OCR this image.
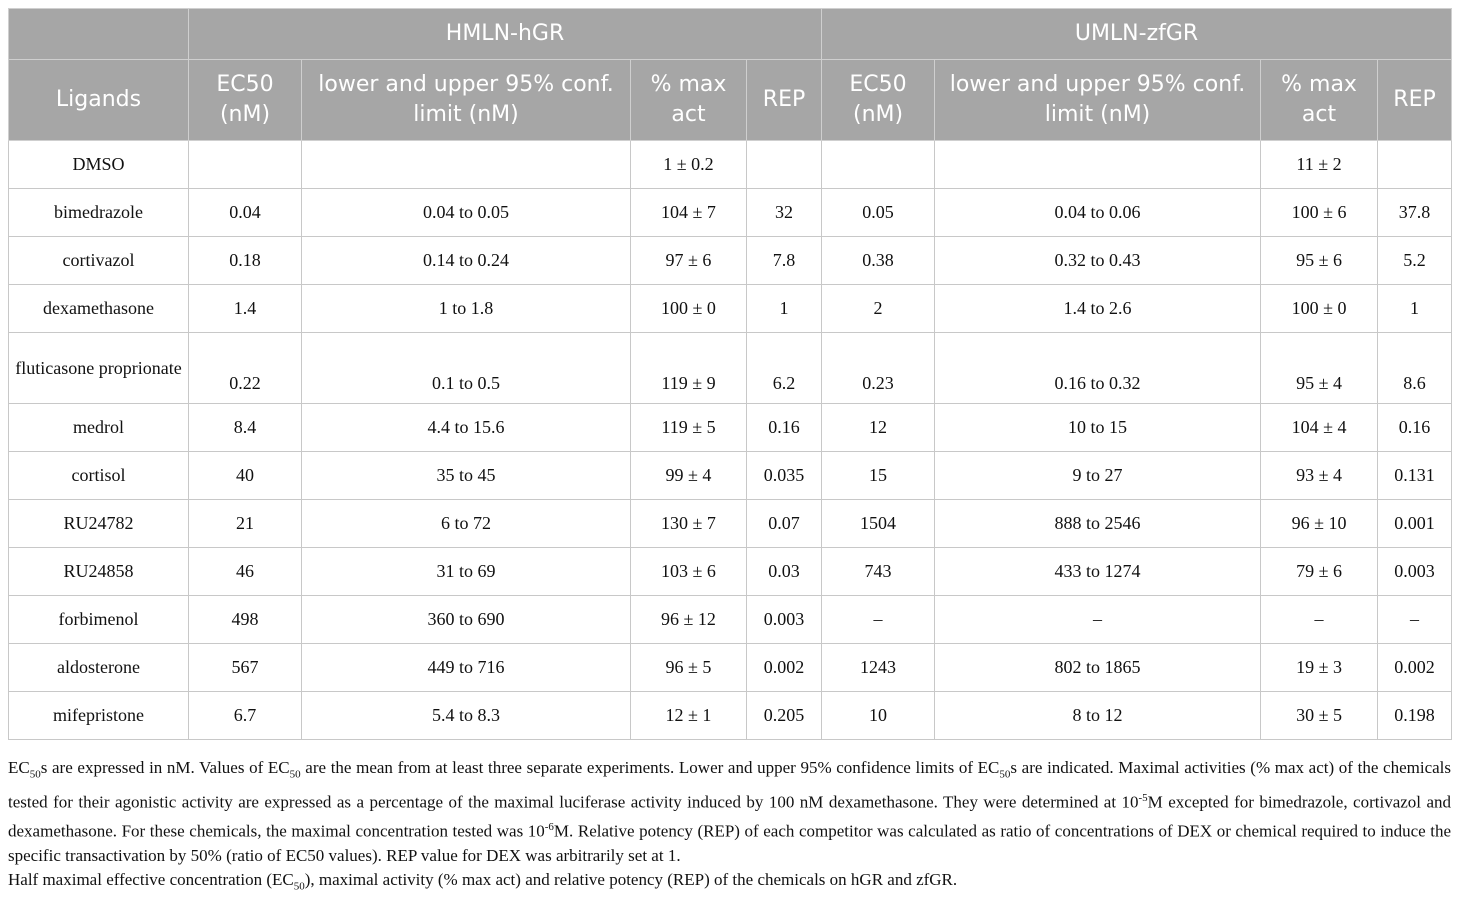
	HMLN-hGR				UMLN-zfGR			
Ligands	EC50 (nM)	lower and upper 95% conf. limit (nM)	% max act	REP	EC50 (nM)	lower and upper 95% conf. limit (nM)	% max act	REP
DMSO			1 ± 0.2				11 ± 2	
bimedrazole	0.04	0.04 to 0.05	104 ± 7	32	0.05	0.04 to 0.06	100 ± 6	37.8
cortivazol	0.18	0.14 to 0.24	97 ± 6	7.8	0.38	0.32 to 0.43	95 ± 6	5.2
dexamethasone	1.4	1 to 1.8	100 ± 0	1	2	1.4 to 2.6	100 ± 0	1
fluticasone proprionate	0.22	0.1 to 0.5	119 ± 9	6.2	0.23	0.16 to 0.32	95 ± 4	8.6
medrol	8.4	4.4 to 15.6	119 ± 5	0.16	12	10 to 15	104 ± 4	0.16
cortisol	40	35 to 45	99 ± 4	0.035	15	9 to 27	93 ± 4	0.131
RU24782	21	6 to 72	130 ± 7	0.07	1504	888 to 2546	96 ± 10	0.001
RU24858	46	31 to 69	103 ± 6	0.03	743	433 to 1274	79 ± 6	0.003
forbimenol	498	360 to 690	96 ± 12	0.003	–	–	–	–
aldosterone	567	449 to 716	96 ± 5	0.002	1243	802 to 1865	19 ± 3	0.002
mifepristone	6.7	5.4 to 8.3	12 ± 1	0.205	10	8 to 12	30 ± 5	0.198

$EC_{50}s$ are expressed in nM. Values of $EC_{50}$ are the mean from at least three separate experiments. Lower and upper 95% confidence limits of $EC_{50}s$ are indicated. Maximal activities (% max act) of the chemicals tested for their agonistic activity are expressed as a percentage of the maximal luciferase activity induced by 100 nM dexamethasone. They were determined at $10^{-5}M$ excepted for bimedrazole, cortivazol and dexamethasone. For these chemicals, the maximal concentration tested was $10^{-6}M$. Relative potency (REP) of each competitor was calculated as ratio of concentrations of DEX or chemical required to induce the specific transactivation by 50% (ratio of EC50 values). REP value for DEX was arbitrarily set at 1.

Half maximal effective concentration $(EC_{50})$, maximal activity (% max act) and relative potency (REP) of the chemicals on hGR and zfGR.
